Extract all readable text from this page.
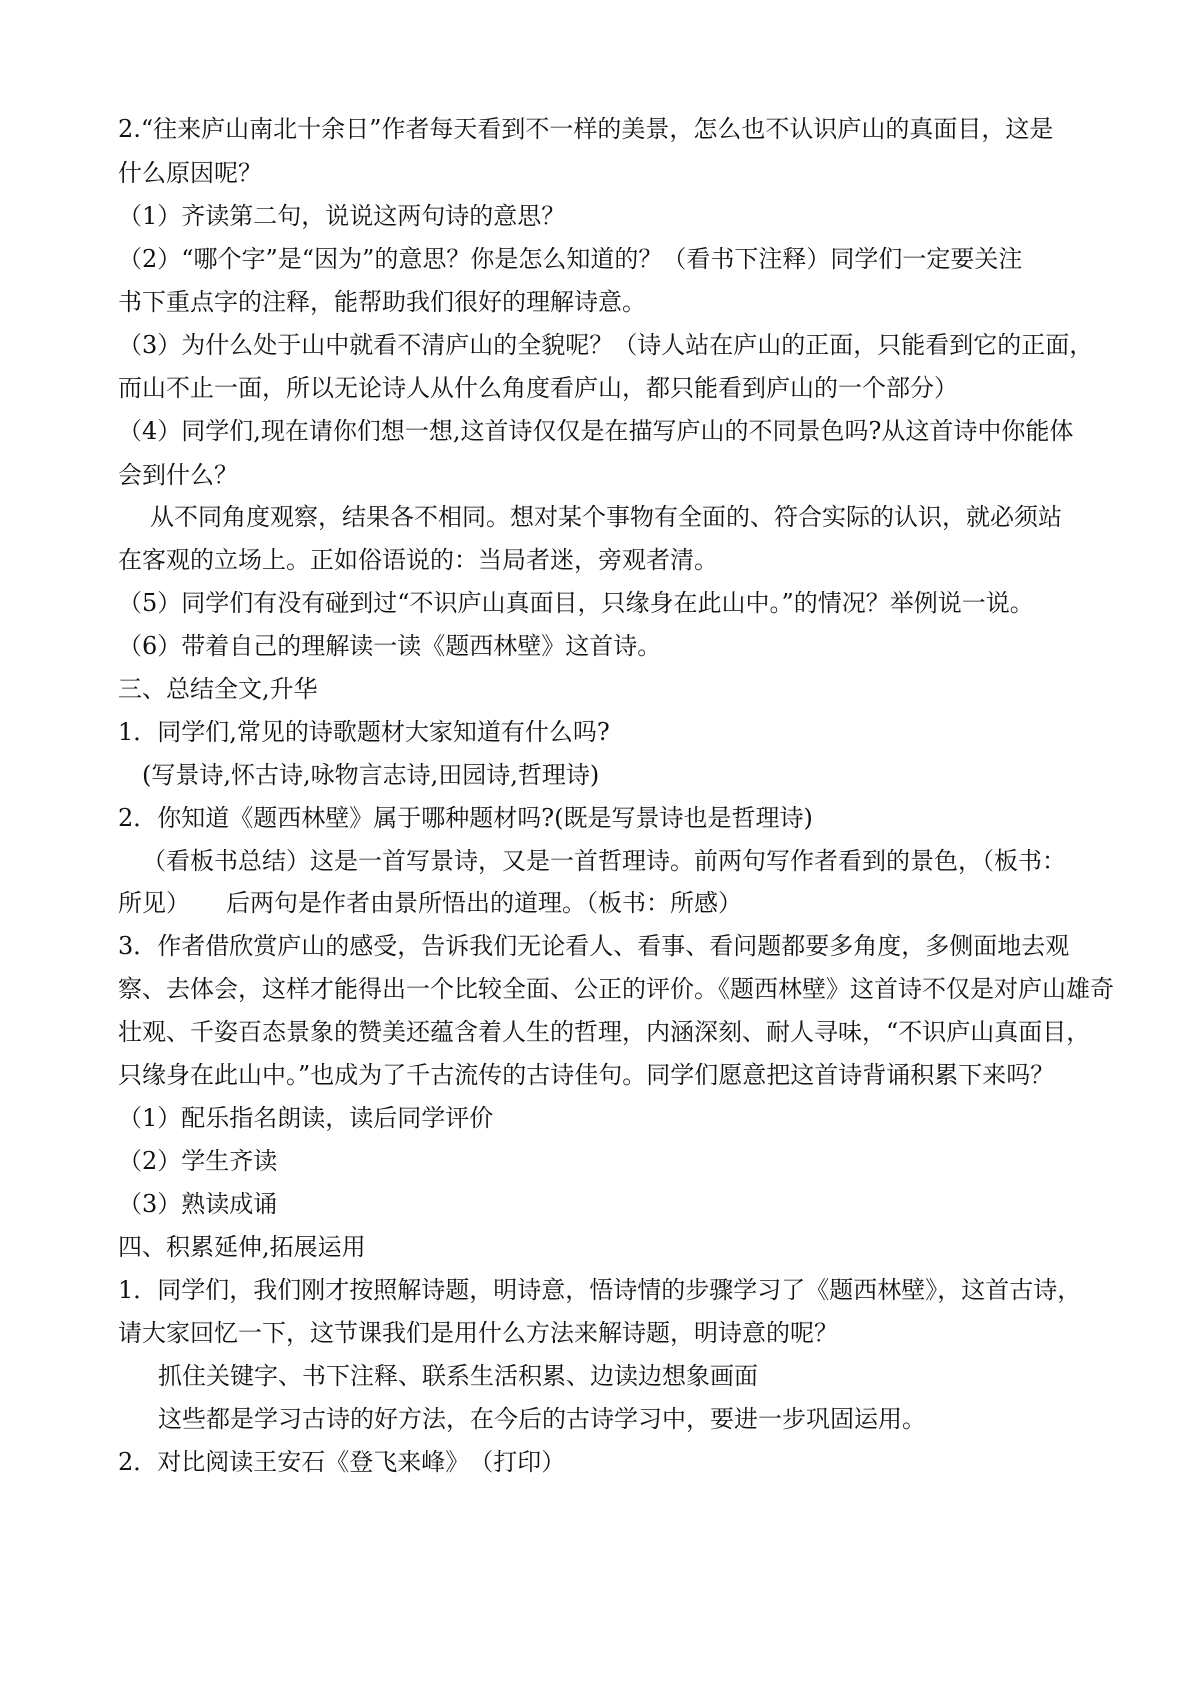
2.“往来庐山南北十余日”作者每天看到不一样的美景，怎么也不认识庐山的真面目，这是
什么原因呢？
（1）齐读第二句，说说这两句诗的意思？
（2）“哪个字”是“因为”的意思？你是怎么知道的？（看书下注释）同学们一定要关注
书下重点字的注释，能帮助我们很好的理解诗意。
（3）为什么处于山中就看不清庐山的全貌呢？（诗人站在庐山的正面，只能看到它的正面，
而山不止一面，所以无论诗人从什么角度看庐山，都只能看到庐山的一个部分）
（4）同学们,现在请你们想一想,这首诗仅仅是在描写庐山的不同景色吗?从这首诗中你能体
会到什么？
从不同角度观察，结果各不相同。想对某个事物有全面的、符合实际的认识，就必须站
在客观的立场上。正如俗语说的：当局者迷，旁观者清。
（5）同学们有没有碰到过“不识庐山真面目，只缘身在此山中。”的情况？举例说一说。
（6）带着自己的理解读一读《题西林壁》这首诗。
三、总结全文,升华
1．同学们,常见的诗歌题材大家知道有什么吗?
(写景诗,怀古诗,咏物言志诗,田园诗,哲理诗)
2．你知道《题西林壁》属于哪种题材吗?(既是写景诗也是哲理诗)
（看板书总结）这是一首写景诗，又是一首哲理诗。前两句写作者看到的景色，（板书：
所见）　　后两句是作者由景所悟出的道理。（板书：所感）
3．作者借欣赏庐山的感受，告诉我们无论看人、看事、看问题都要多角度，多侧面地去观
察、去体会，这样才能得出一个比较全面、公正的评价。《题西林壁》这首诗不仅是对庐山雄奇
壮观、千姿百态景象的赞美还蕴含着人生的哲理，内涵深刻、耐人寻味，“不识庐山真面目，
只缘身在此山中。”也成为了千古流传的古诗佳句。同学们愿意把这首诗背诵积累下来吗？
（1）配乐指名朗读，读后同学评价
（2）学生齐读
（3）熟读成诵
四、积累延伸,拓展运用
1．同学们，我们刚才按照解诗题，明诗意，悟诗情的步骤学习了《题西林壁》，这首古诗，
请大家回忆一下，这节课我们是用什么方法来解诗题，明诗意的呢？
抓住关键字、书下注释、联系生活积累、边读边想象画面
这些都是学习古诗的好方法，在今后的古诗学习中，要进一步巩固运用。
2．对比阅读王安石《登飞来峰》　（打印）
